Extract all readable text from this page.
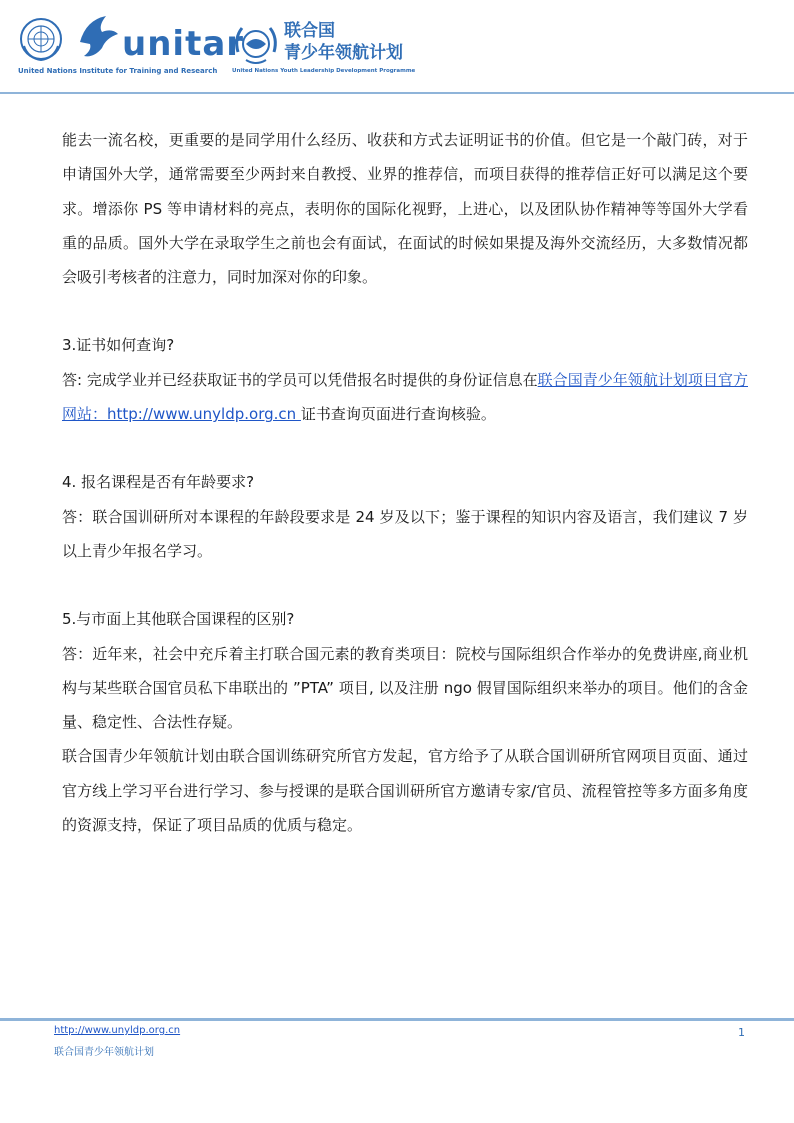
United Nations Institute for Training and Research
unitar 联合国
青少年领航计划
United Nations Youth Leadership Development Programme

能去一流名校，更重要的是同学用什么经历、收获和方式去证明证书的价值。但它是一个敲门砖，对于申请国外大学，通常需要至少两封来自教授、业界的推荐信，而项目获得的推荐信正好可以满足这个要求。增添你 PS 等申请材料的亮点，表明你的国际化视野，上进心，以及团队协作精神等等国外大学看重的品质。国外大学在录取学生之前也会有面试，在面试的时候如果提及海外交流经历，大多数情况都会吸引考核者的注意力，同时加深对你的印象。

3.证书如何查询?

答: 完成学业并已经获取证书的学员可以凭借报名时提供的身份证信息在联合国青少年领航计划项目官方网站：http://www.unyldp.org.cn 证书查询页面进行查询核验。

4. 报名课程是否有年龄要求?

答：联合国训研所对本课程的年龄段要求是 24 岁及以下；鉴于课程的知识内容及语言，我们建议 7 岁以上青少年报名学习。

5.与市面上其他联合国课程的区别?

答：近年来，社会中充斥着主打联合国元素的教育类项目：院校与国际组织合作举办的免费讲座,商业机构与某些联合国官员私下串联出的 ”PTA” 项目, 以及注册 ngo 假冒国际组织来举办的项目。他们的含金量、稳定性、合法性存疑。

联合国青少年领航计划由联合国训练研究所官方发起，官方给予了从联合国训研所官网项目页面、通过官方线上学习平台进行学习、参与授课的是联合国训研所官方邀请专家/官员、流程管控等多方面多角度的资源支持，保证了项目品质的优质与稳定。

http://www.unyldp.org.cn
联合国青少年领航计划
1
